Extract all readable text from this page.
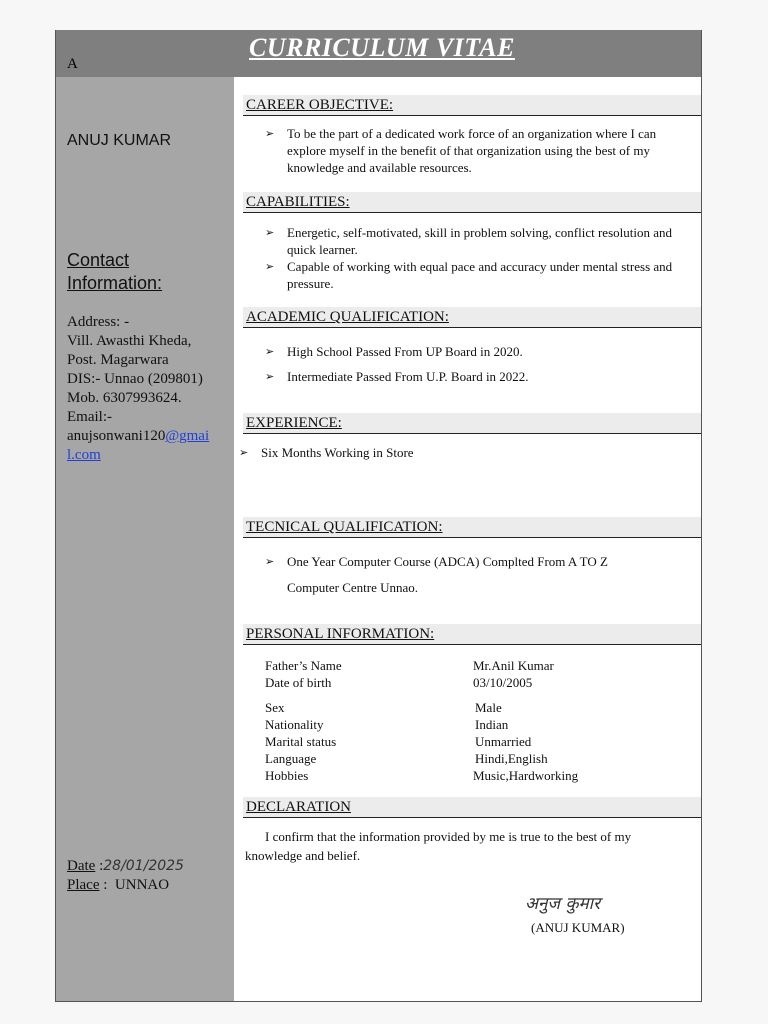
A
CURRICULUM VITAE
ANUJ KUMAR
Contact Information:
Address: -
Vill. Awasthi Kheda,
Post. Magarwara
DIS:- Unnao (209801)
Mob. 6307993624.
Email:-
anujsonwani120@gmai
l.com
Date :28/01/2025
Place :  UNNAO
CAREER OBJECTIVE:
➢ To be the part of a dedicated work force of an organization where I can explore myself in the benefit of that organization using the best of my knowledge and available resources.
CAPABILITIES:
➢ Energetic, self-motivated, skill in problem solving, conflict resolution and quick learner.
➢ Capable of working with equal pace and accuracy under mental stress and pressure.
ACADEMIC QUALIFICATION:
➢ High School Passed From UP Board in 2020.
➢ Intermediate Passed From U.P. Board in 2022.
EXPERIENCE:
➢ Six Months Working in Store
TECNICAL QUALIFICATION:
➢ One Year Computer Course (ADCA) Complted From A TO Z
Computer Centre Unnao.
PERSONAL INFORMATION:
Father’s Name	Mr.Anil Kumar
Date of birth	03/10/2005
Sex	Male
Nationality	Indian
Marital status	Unmarried
Language	Hindi,English
Hobbies	Music,Hardworking
DECLARATION
I confirm that the information provided by me is true to the best of my
knowledge and belief.
अनुज कुमार
(ANUJ KUMAR)
